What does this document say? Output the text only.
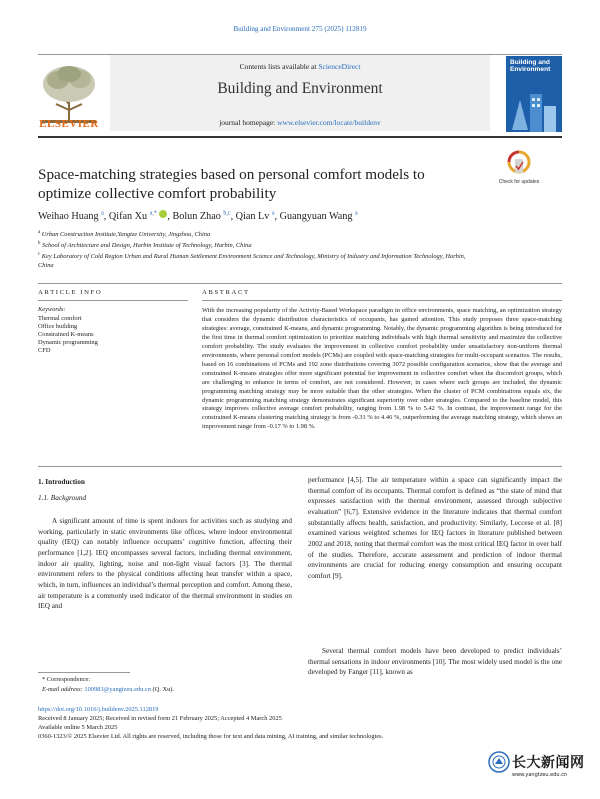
Building and Environment 275 (2025) 112819
Contents lists available at ScienceDirect
Building and Environment
journal homepage: www.elsevier.com/locate/buildenv
ELSEVIER
Building and Environment
Space-matching strategies based on personal comfort models to optimize collective comfort probability
Check for updates
Weihao Huang $^a$, Qifan Xu $^{a,*}$ , Bolun Zhao $^{b,c}$, Qian Lv $^a$, Guangyuan Wang $^a$
$^a$ Urban Construction Institute,Yangtze University, Jingzhou, China
$^b$ School of Architecture and Design, Harbin Institute of Technology, Harbin, China
$^c$ Key Laboratory of Cold Region Urban and Rural Human Settlement Environment Science and Technology, Ministry of Industry and Information Technology, Harbin,
China
ARTICLE INFO	ABSTRACT
Keywords:
Thermal comfort
Office building
Constrained K-means
Dynamic programming
CFD
With the increasing popularity of the Activity-Based Workspace paradigm in office environments, space matching, an optimization strategy that considers the dynamic distribution characteristics of occupants, has gained attention. This study proposes three space-matching strategies: average, constrained K-means, and dynamic programming. Notably, the dynamic programming algorithm is being introduced for the first time in thermal comfort optimization to prioritize matching individuals with high thermal sensitivity and maximize the collective comfort probability. The study evaluates the improvement in collective comfort probability under unsatisfactory non-uniform thermal environments, where personal comfort models (PCMs) are coupled with space-matching strategies for multi-occupant scenarios. The results, based on 16 combinations of PCMs and 192 zone distributions covering 3072 possible configuration scenarios, show that the average and constrained K-means strategies offer more significant potential for improvement in collective comfort when the discomfort groups, which are challenging to enhance in terms of comfort, are not considered. However, in cases where such groups are included, the dynamic programming matching strategy may be more suitable than the other strategies. When the cluster of PCM combinations equals six, the dynamic programming matching strategy demonstrates significant superiority over other strategies. Compared to the baseline model, this strategy improves collective average comfort probability, ranging from 1.98 % to 5.42 %. In contrast, the improvement range for the constrained K-means clustering matching strategy is from -0.31 % to 4.46 %, outperforming the average matching strategy, which shows an improvement range from -0.17 % to 1.98 %.
1. Introduction
1.1. Background
A significant amount of time is spent indoors for activities such as studying and working, particularly in static environments like offices, where indoor environmental quality (IEQ) can notably influence occupants’ cognitive function, affecting their performance [1,2]. IEQ encompasses several factors, including thermal environment, indoor air quality, lighting, noise and non-light visual factors [3]. The thermal environment refers to the physical conditions affecting heat transfer within a space, which, in turn, influences an individual’s thermal perception and comfort. Among these, air temperature is a commonly used indicator of the thermal environment in studies on IEQ and
performance [4,5]. The air temperature within a space can significantly impact the thermal comfort of its occupants. Thermal comfort is defined as “the state of mind that expresses satisfaction with the thermal environment, assessed through subjective evaluation” [6,7]. Extensive evidence in the literature indicates that thermal comfort substantially affects health, satisfaction, and productivity. Similarly, Leccese et al. [8] examined various weighted schemes for IEQ factors in literature published between 2002 and 2018, noting that thermal comfort was the most critical IEQ factor in over half of the studies. Therefore, accurate assessment and prediction of indoor thermal environments are crucial for reducing energy consumption and ensuring occupant comfort [9].
Several thermal comfort models have been developed to predict individuals’ thermal sensations in indoor environments [10]. The most widely used model is the one developed by Fanger [11], known as
* Correspondence:
E-mail address: 100983@yangtzeu.edu.cn (Q. Xu).
https://doi.org/10.1016/j.buildenv.2025.112819
Received 8 January 2025; Received in revised form 21 February 2025; Accepted 4 March 2025
Available online 5 March 2025
0360-1323/© 2025 Elsevier Ltd. All rights are reserved, including those for text and data mining, AI training, and similar technologies.
长大新闻网
www.yangtzeu.edu.cn
